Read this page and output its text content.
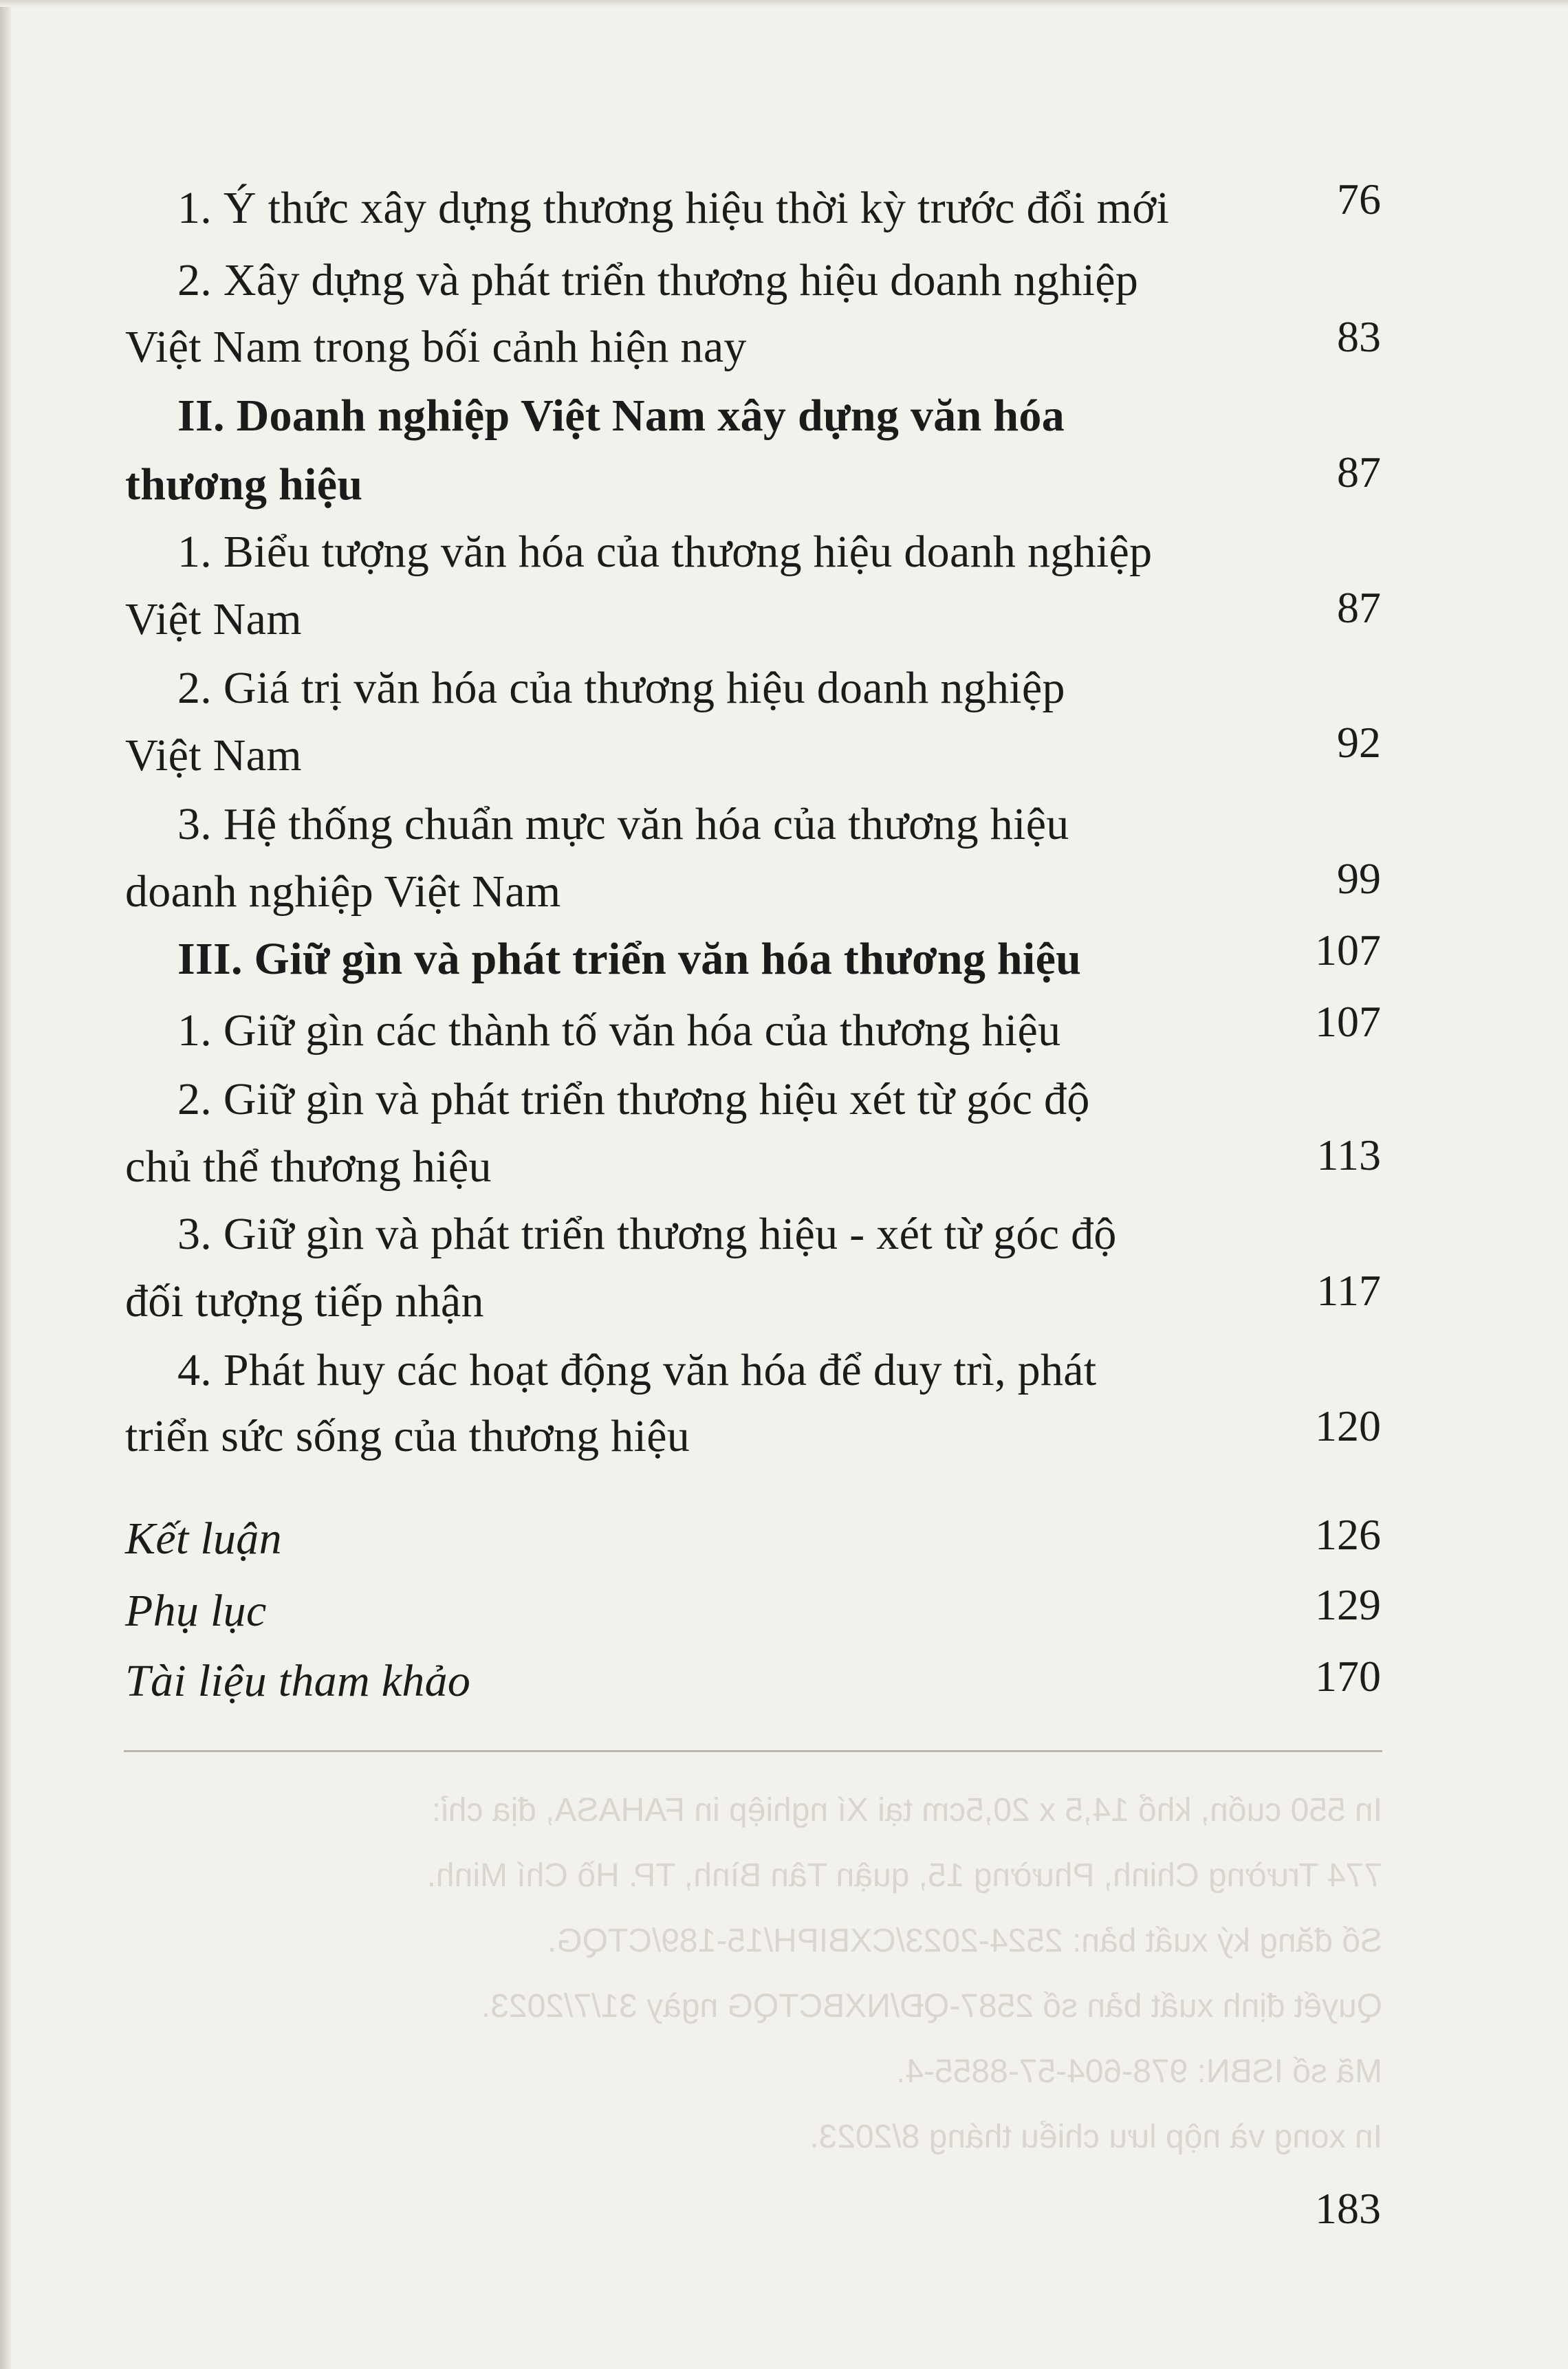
1. Ý thức xây dựng thương hiệu thời kỳ trước đổi mới	76
2. Xây dựng và phát triển thương hiệu doanh nghiệp
Việt Nam trong bối cảnh hiện nay	83
II. Doanh nghiệp Việt Nam xây dựng văn hóa
thương hiệu	87
1. Biểu tượng văn hóa của thương hiệu doanh nghiệp
Việt Nam	87
2. Giá trị văn hóa của thương hiệu doanh nghiệp
Việt Nam	92
3. Hệ thống chuẩn mực văn hóa của thương hiệu
doanh nghiệp Việt Nam	99
III. Giữ gìn và phát triển văn hóa thương hiệu	107
1. Giữ gìn các thành tố văn hóa của thương hiệu	107
2. Giữ gìn và phát triển thương hiệu xét từ góc độ
chủ thể thương hiệu	113
3. Giữ gìn và phát triển thương hiệu - xét từ góc độ
đối tượng tiếp nhận	117
4. Phát huy các hoạt động văn hóa để duy trì, phát
triển sức sống của thương hiệu	120
Kết luận	126
Phụ lục	129
Tài liệu tham khảo	170
In 550 cuốn, khổ 14,5 x 20,5cm tại Xí nghiệp in FAHASA, địa chỉ:
774 Trường Chinh, Phường 15, quận Tân Bình, TP. Hồ Chí Minh.
Số đăng ký xuất bản: 2524-2023/CXBIPH/15-189/CTQG.
Quyết định xuất bản số 2587-QĐ/NXBCTQG ngày 31/7/2023.
Mã số ISBN: 978-604-57-8855-4.
In xong và nộp lưu chiểu tháng 8/2023.
183
